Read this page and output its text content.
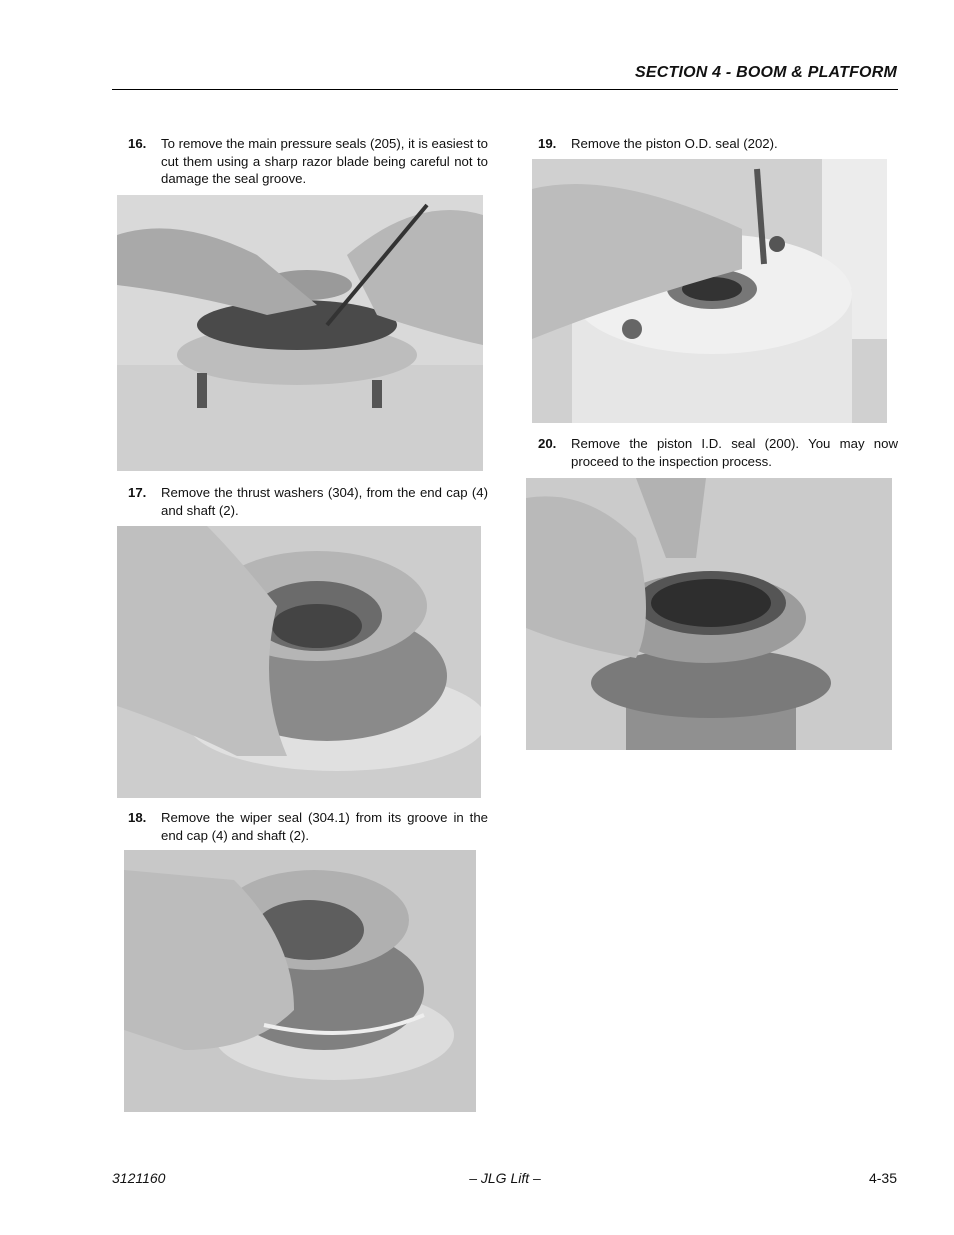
SECTION 4 - BOOM & PLATFORM
16. To remove the main pressure seals (205), it is easiest to cut them using a sharp razor blade being careful not to damage the seal groove.
17. Remove the thrust washers (304), from the end cap (4) and shaft (2).
18. Remove the wiper seal (304.1) from its groove in the end cap (4) and shaft (2).
19. Remove the piston O.D. seal (202).
20. Remove the piston I.D. seal (200). You may now proceed to the inspection process.
3121160	– JLG Lift –	4-35
